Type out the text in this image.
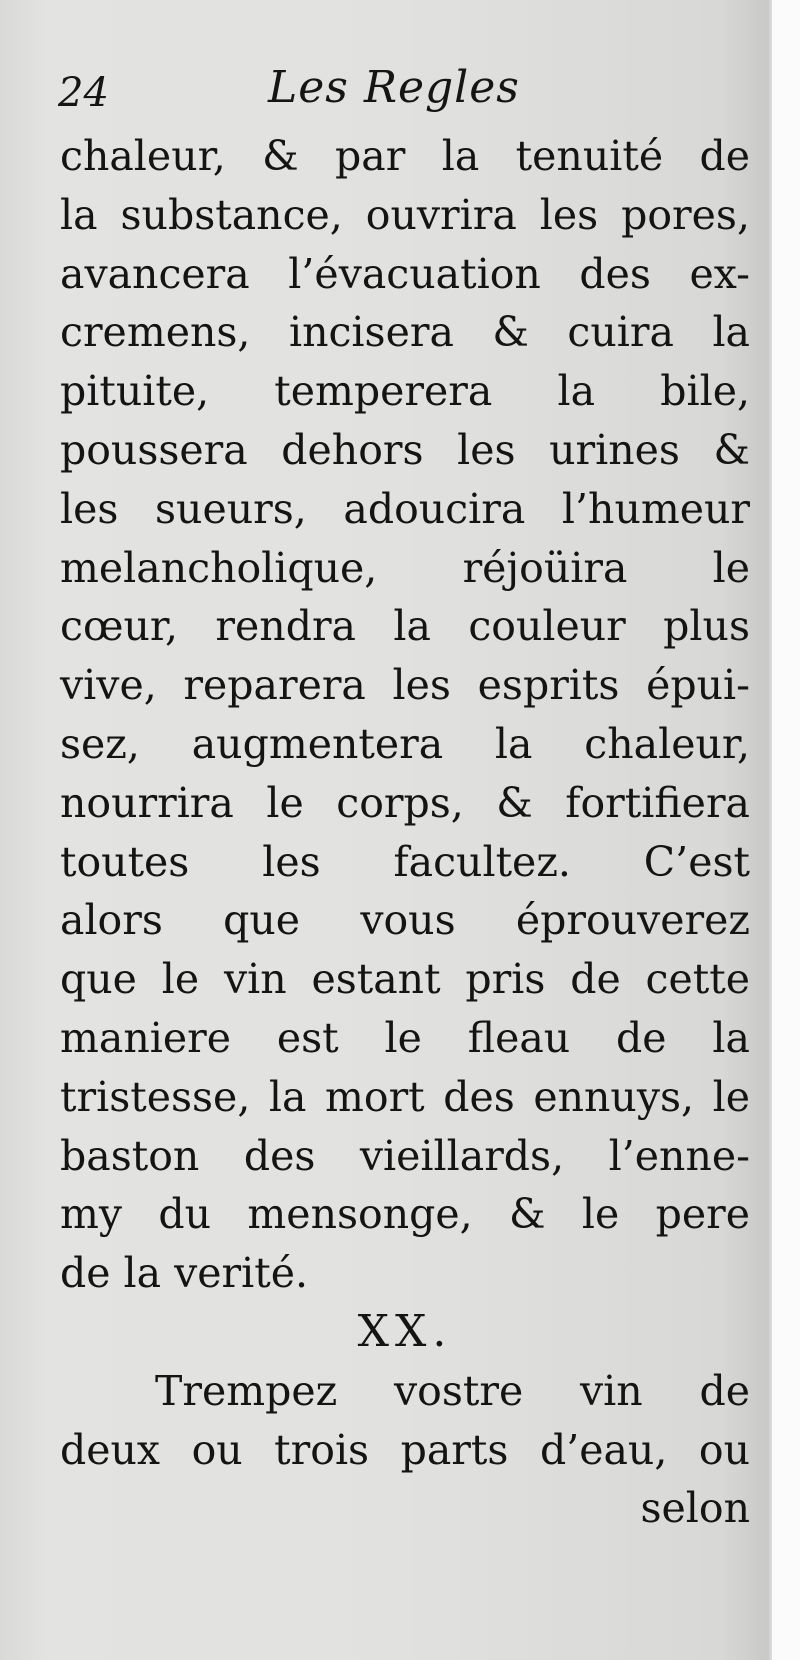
24	Les Regles
chaleur, & par la tenuité de
la substance, ouvrira les pores,
avancera l’évacuation des ex-
cremens, incisera & cuira la
pituite, temperera la bile,
poussera dehors les urines &
les sueurs, adoucira l’humeur
melancholique, réjoüira le
cœur, rendra la couleur plus
vive, reparera les esprits épui-
sez, augmentera la chaleur,
nourrira le corps, & fortifiera
toutes les facultez. C’est
alors que vous éprouverez
que le vin estant pris de cette
maniere est le fleau de la
tristesse, la mort des ennuys, le
baston des vieillards, l’enne-
my du mensonge, & le pere
de la verité.
XX.
Trempez vostre vin de
deux ou trois parts d’eau, ou
selon
